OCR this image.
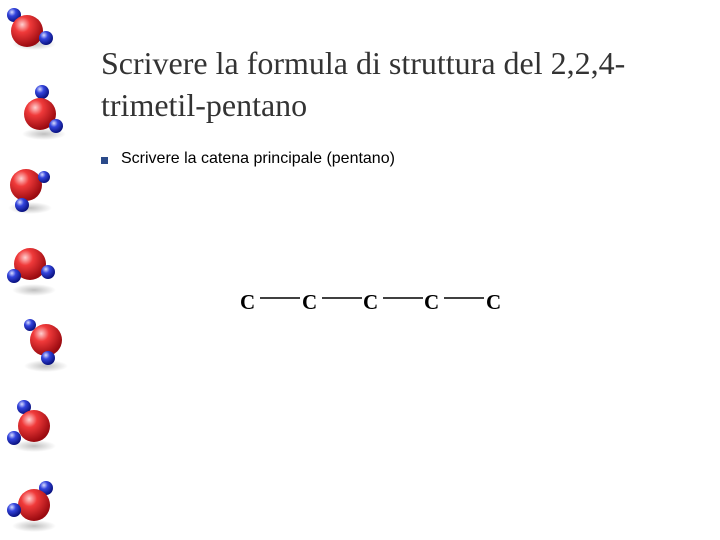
Scrivere la formula di struttura del 2,2,4-trimetil-pentano
Scrivere la catena principale (pentano)
C C C C C
